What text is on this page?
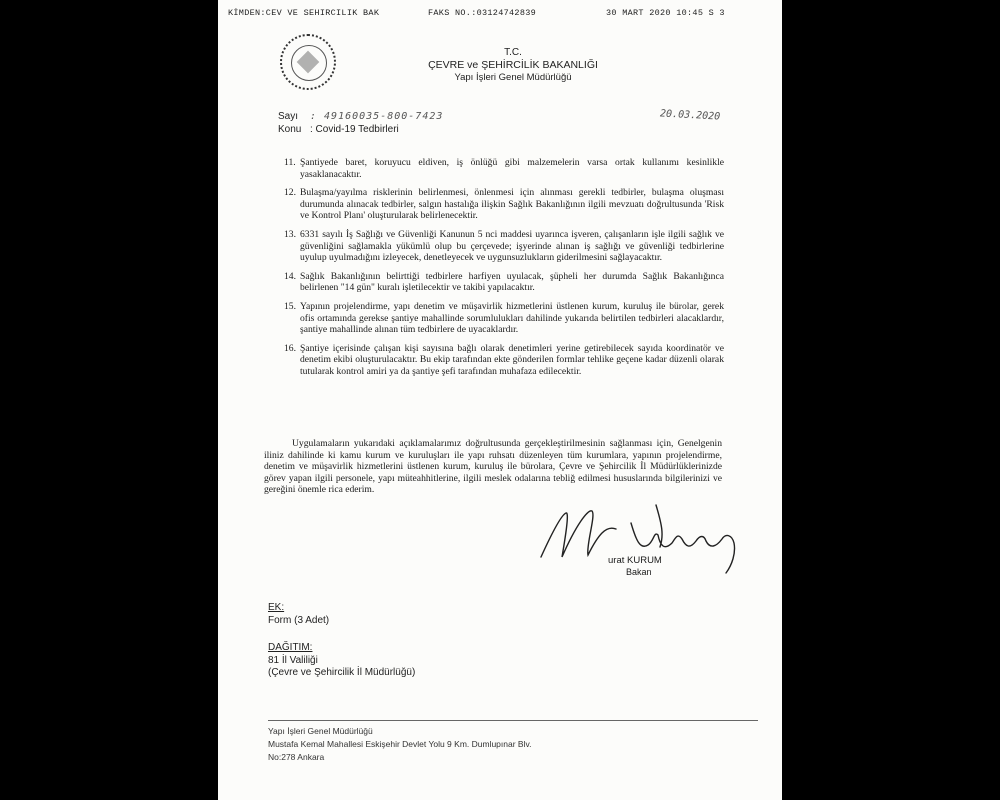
KİMDEN:CEV VE SEHIRCILIK BAK	FAKS NO.:03124742839	30 MART 2020 10:45 S 3
T.C.
ÇEVRE ve ŞEHİRCİLİK BAKANLIĞI
Yapı İşleri Genel Müdürlüğü
Sayı : 49160035-800-7423
Konu : Covid-19 Tedbirleri
20.03.2020
11. Şantiyede baret, koruyucu eldiven, iş önlüğü gibi malzemelerin varsa ortak kullanımı kesinlikle yasaklanacaktır.
12. Bulaşma/yayılma risklerinin belirlenmesi, önlenmesi için alınması gerekli tedbirler, bulaşma oluşması durumunda alınacak tedbirler, salgın hastalığa ilişkin Sağlık Bakanlığının ilgili mevzuatı doğrultusunda 'Risk ve Kontrol Planı' oluşturularak belirlenecektir.
13. 6331 sayılı İş Sağlığı ve Güvenliği Kanunun 5 nci maddesi uyarınca işveren, çalışanların işle ilgili sağlık ve güvenliğini sağlamakla yükümlü olup bu çerçevede; işyerinde alınan iş sağlığı ve güvenliği tedbirlerine uyulup uyulmadığını izleyecek, denetleyecek ve uygunsuzlukların giderilmesini sağlayacaktır.
14. Sağlık Bakanlığının belirttiği tedbirlere harfiyen uyulacak, şüpheli her durumda Sağlık Bakanlığınca belirlenen "14 gün" kuralı işletilecektir ve takibi yapılacaktır.
15. Yapının projelendirme, yapı denetim ve müşavirlik hizmetlerini üstlenen kurum, kuruluş ile bürolar, gerek ofis ortamında gerekse şantiye mahallinde sorumlulukları dahilinde yukarıda belirtilen tedbirleri alacaklardır, şantiye mahallinde alınan tüm tedbirlere de uyacaklardır.
16. Şantiye içerisinde çalışan kişi sayısına bağlı olarak denetimleri yerine getirebilecek sayıda koordinatör ve denetim ekibi oluşturulacaktır. Bu ekip tarafından ekte gönderilen formlar tehlike geçene kadar düzenli olarak tutularak kontrol amiri ya da şantiye şefi tarafından muhafaza edilecektir.
Uygulamaların yukarıdaki açıklamalarımız doğrultusunda gerçekleştirilmesinin sağlanması için, Genelgenin iliniz dahilinde ki kamu kurum ve kuruluşları ile yapı ruhsatı düzenleyen tüm kurumlara, yapının projelendirme, denetim ve müşavirlik hizmetlerini üstlenen kurum, kuruluş ile bürolara, Çevre ve Şehircilik İl Müdürlüklerinizde görev yapan ilgili personele, yapı müteahhitlerine, ilgili meslek odalarına tebliğ edilmesi hususlarında bilgilerinizi ve gereğini önemle rica ederim.
urat KURUM
Bakan
EK:
Form (3 Adet)
DAĞITIM:
81 İl Valiliği
(Çevre ve Şehircilik İl Müdürlüğü)
Yapı İşleri Genel Müdürlüğü
Mustafa Kemal Mahallesi Eskişehir Devlet Yolu 9 Km. Dumlupınar Blv.
No:278 Ankara
